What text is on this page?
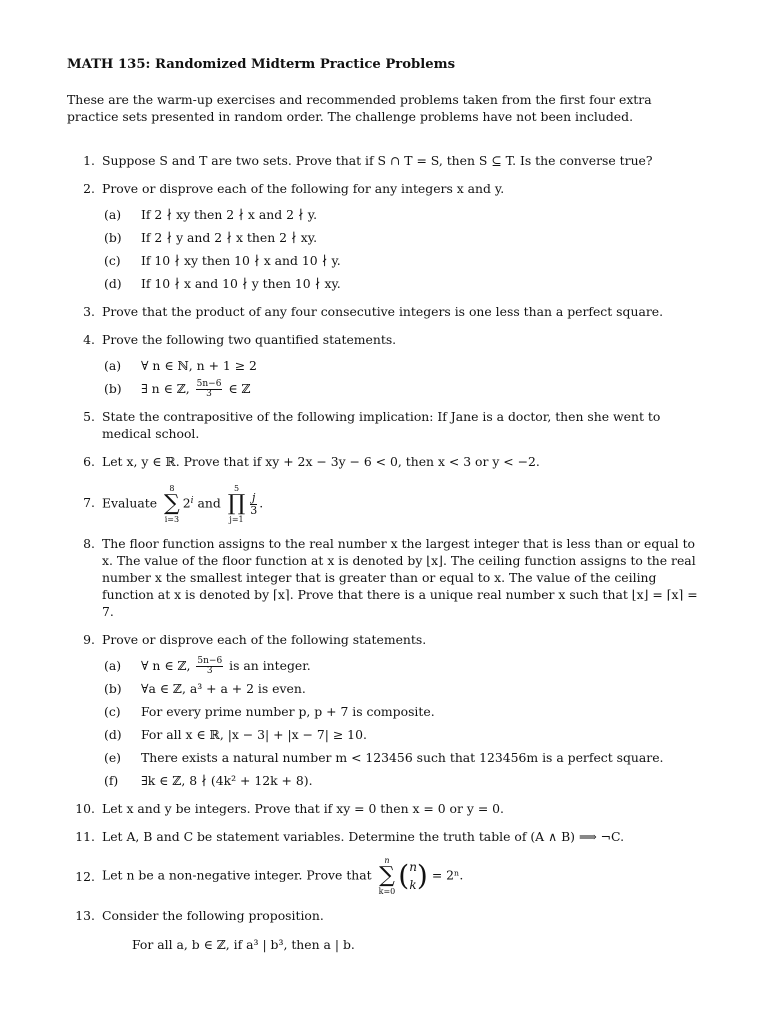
MATH 135: Randomized Midterm Practice Problems
These are the warm-up exercises and recommended problems taken from the first four extra practice sets presented in random order. The challenge problems have not been included.
1. Suppose S and T are two sets. Prove that if S ∩ T = S, then S ⊆ T. Is the converse true?
2. Prove or disprove each of the following for any integers x and y.
(a) If 2 ∤ xy then 2 ∤ x and 2 ∤ y.
(b) If 2 ∤ y and 2 ∤ x then 2 ∤ xy.
(c) If 10 ∤ xy then 10 ∤ x and 10 ∤ y.
(d) If 10 ∤ x and 10 ∤ y then 10 ∤ xy.
3. Prove that the product of any four consecutive integers is one less than a perfect square.
4. Prove the following two quantified statements.
(a) ∀ n ∈ ℕ, n + 1 ≥ 2
(b) ∃ n ∈ ℤ, $\frac{5n-6}{3}$ ∈ ℤ
5. State the contrapositive of the following implication: If Jane is a doctor, then she went to medical school.
6. Let x, y ∈ ℝ. Prove that if xy + 2x − 3y − 6 < 0, then x < 3 or y < −2.
7. Evaluate 8
∑
$i=32^i$ and 5
∏
j=1
$\frac{j}{3}$ .
8. The floor function assigns to the real number x the largest integer that is less than or equal to x. The value of the floor function at x is denoted by ⌊x⌋. The ceiling function assigns to the real number x the smallest integer that is greater than or equal to x. The value of the ceiling function at x is denoted by ⌈x⌉. Prove that there is a unique real number x such that ⌊x⌋ = ⌈x⌉ = 7.
9. Prove or disprove each of the following statements.
(a) ∀ n ∈ ℤ, $\frac{5n-6}{3}$ is an integer.
(b) ∀a ∈ ℤ, a³ + a + 2 is even.
(c) For every prime number p, p + 7 is composite.
(d) For all x ∈ ℝ, |x − 3| + |x − 7| ≥ 10.
(e) There exists a natural number m < 123456 such that 123456m is a perfect square.
(f) ∃k ∈ ℤ, 8 ∤ (4k² + 12k + 8).
10. Let x and y be integers. Prove that if xy = 0 then x = 0 or y = 0.
11. Let A, B and C be statement variables. Determine the truth table of (A ∧ B) ⟹ ¬C.
12. Let n be a non-negative integer. Prove that n
∑
k=0 ( n
k ) = 2ⁿ.
13. Consider the following proposition.
For all a, b ∈ ℤ, if a³ | b³, then a | b.
